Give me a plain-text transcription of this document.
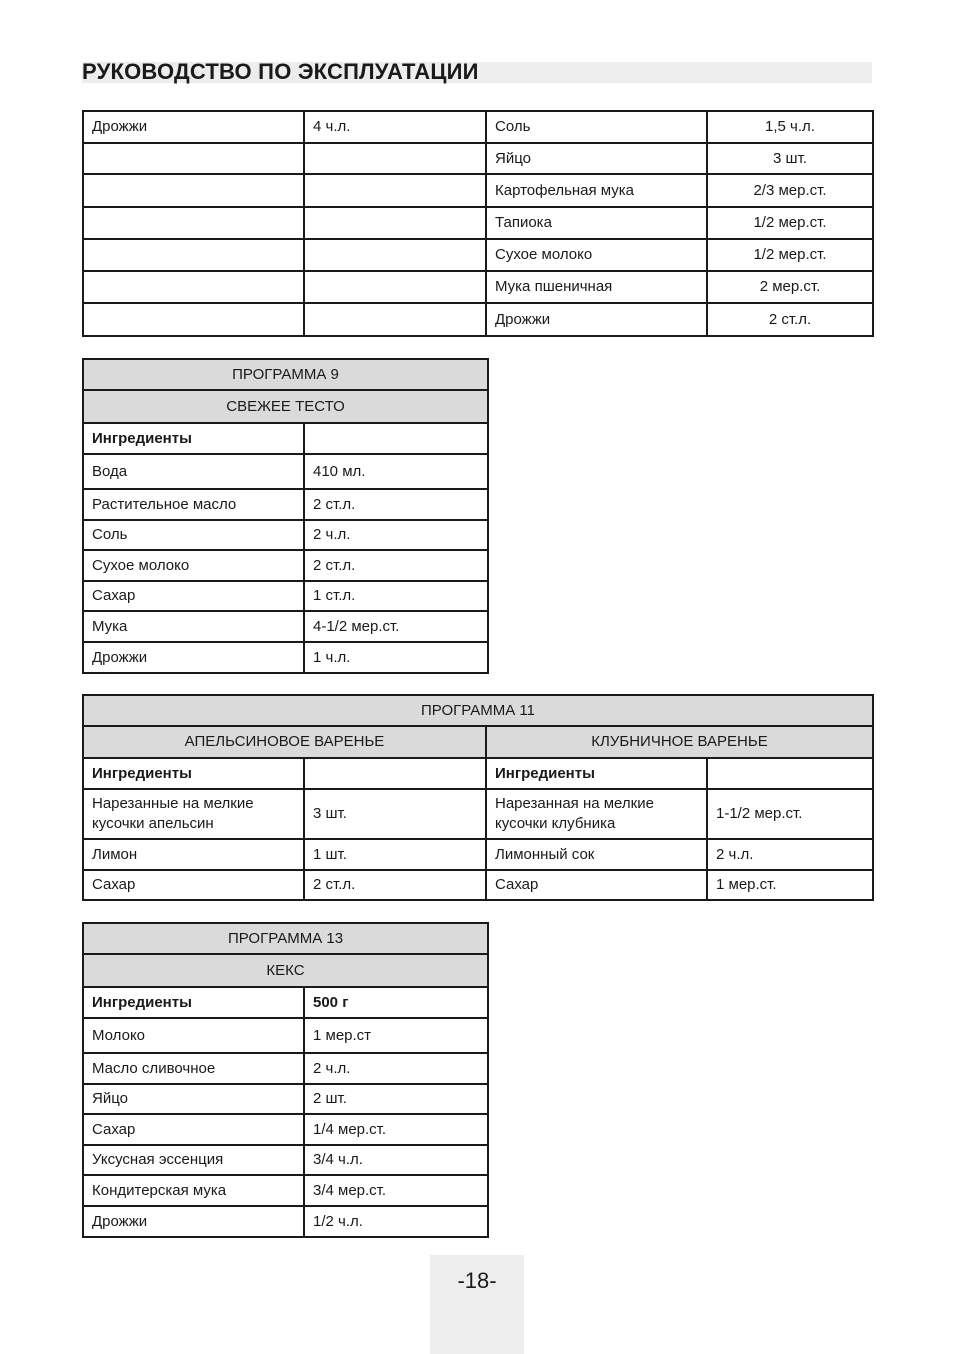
РУКОВОДСТВО ПО ЭКСПЛУАТАЦИИ
Дрожжи	4 ч.л.	Соль	1,5 ч.л.
		Яйцо	3 шт.
		Картофельная мука	2/3 мер.ст.
		Тапиока	1/2 мер.ст.
		Сухое молоко	1/2 мер.ст.
		Мука пшеничная	2 мер.ст.
		Дрожжи	2 ст.л.
ПРОГРАММА 9	
СВЕЖЕЕ ТЕСТО	
Ингредиенты	
Вода	410 мл.
Растительное масло	2 ст.л.
Соль	2 ч.л.
Сухое молоко	2 ст.л.
Сахар	1 ст.л.
Мука	4-1/2 мер.ст.
Дрожжи	1 ч.л.
ПРОГРАММА 11			
АПЕЛЬСИНОВОЕ ВАРЕНЬЕ		КЛУБНИЧНОЕ ВАРЕНЬЕ	
Ингредиенты		Ингредиенты	
Нарезанные на мелкие кусочки апельсин	3 шт.	Нарезанная на мелкие кусочки клубника	1-1/2 мер.ст.
Лимон	1 шт.	Лимонный сок	2 ч.л.
Сахар	2 ст.л.	Сахар	1 мер.ст.
ПРОГРАММА 13	
КЕКС	
Ингредиенты	500 г
Молоко	1 мер.ст
Масло сливочное	2 ч.л.
Яйцо	2 шт.
Сахар	1/4 мер.ст.
Уксусная эссенция	3/4 ч.л.
Кондитерская мука	3/4 мер.ст.
Дрожжи	1/2 ч.л.
-18-
